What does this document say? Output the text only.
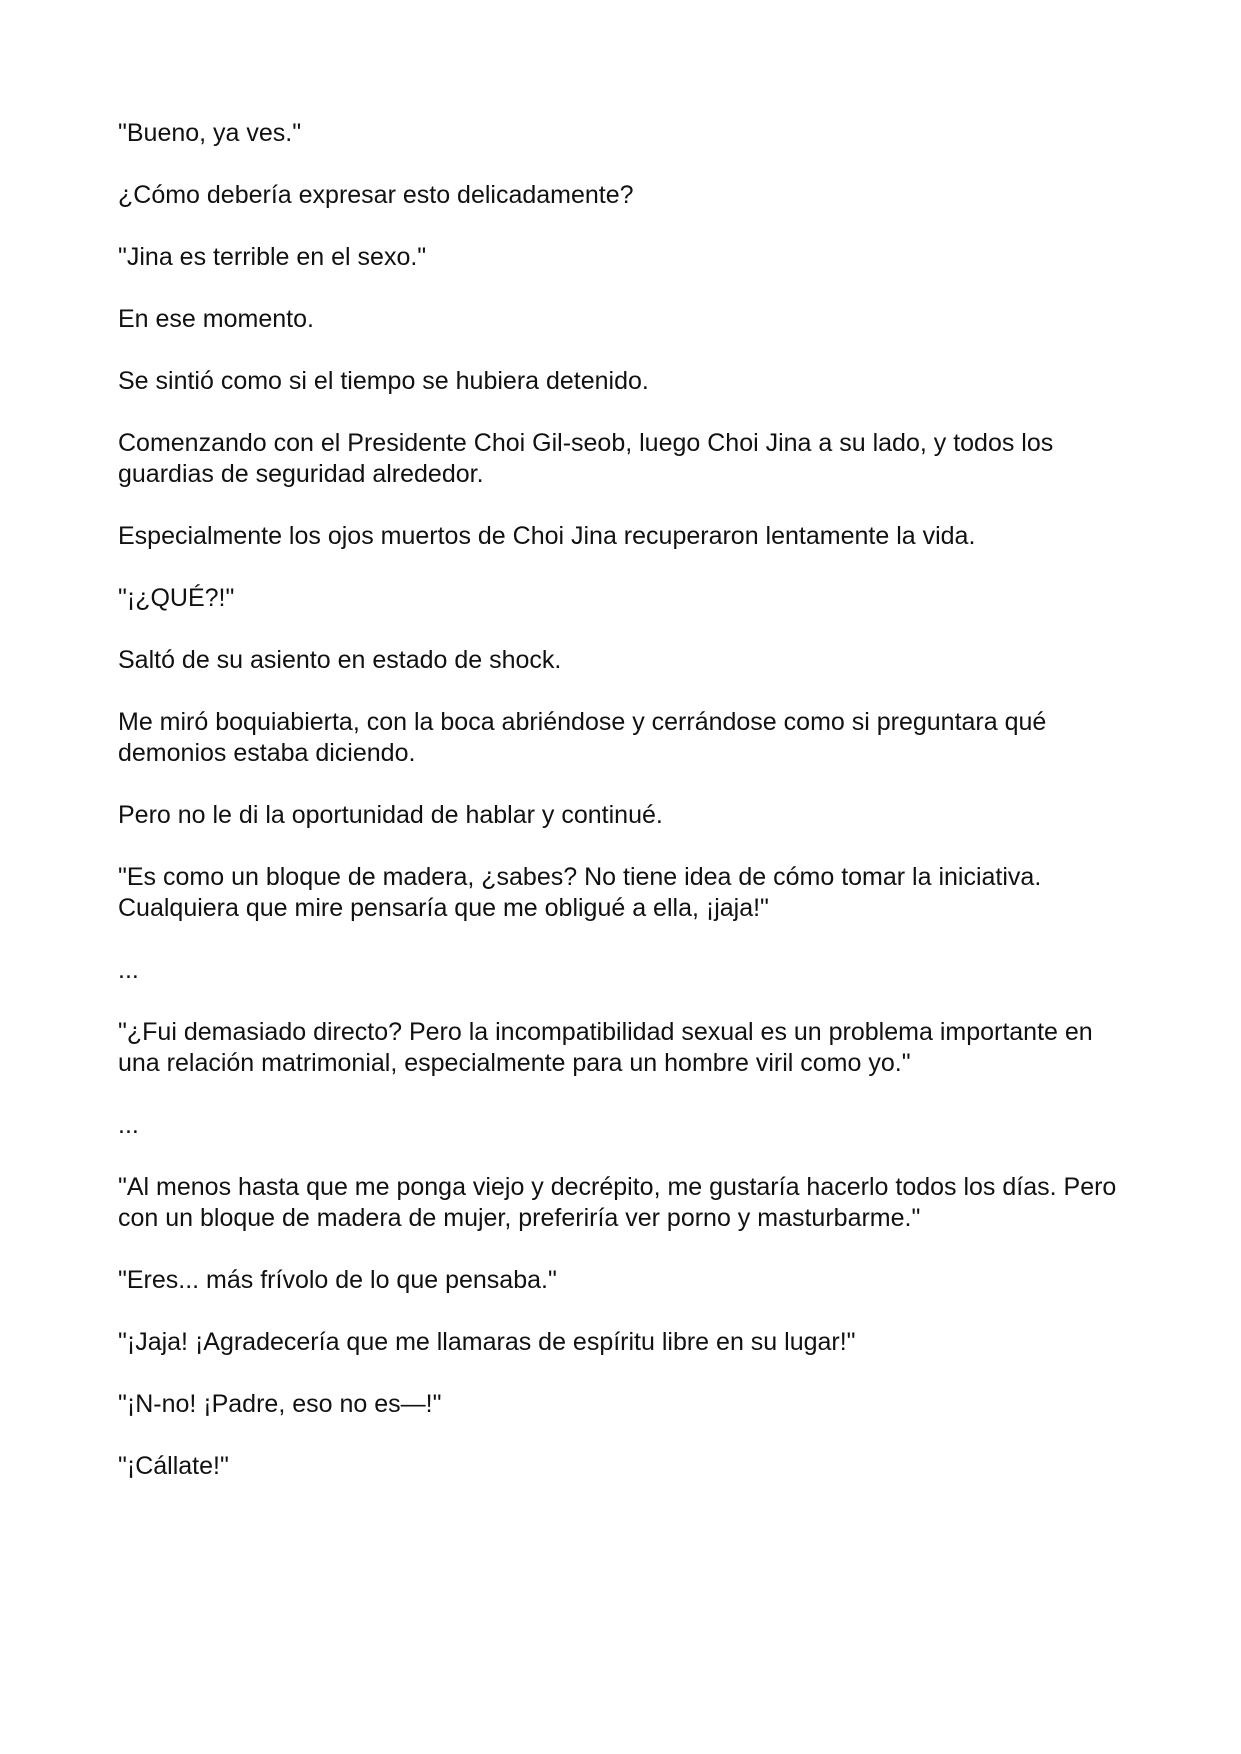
"Bueno, ya ves."

¿Cómo debería expresar esto delicadamente?

"Jina es terrible en el sexo."

En ese momento.

Se sintió como si el tiempo se hubiera detenido.

Comenzando con el Presidente Choi Gil-seob, luego Choi Jina a su lado, y todos los guardias de seguridad alrededor.

Especialmente los ojos muertos de Choi Jina recuperaron lentamente la vida.

"¡¿QUÉ?!"

Saltó de su asiento en estado de shock.

Me miró boquiabierta, con la boca abriéndose y cerrándose como si preguntara qué demonios estaba diciendo.

Pero no le di la oportunidad de hablar y continué.

"Es como un bloque de madera, ¿sabes? No tiene idea de cómo tomar la iniciativa. Cualquiera que mire pensaría que me obligué a ella, ¡jaja!"

...

"¿Fui demasiado directo? Pero la incompatibilidad sexual es un problema importante en una relación matrimonial, especialmente para un hombre viril como yo."

...

"Al menos hasta que me ponga viejo y decrépito, me gustaría hacerlo todos los días. Pero con un bloque de madera de mujer, preferiría ver porno y masturbarme."

"Eres... más frívolo de lo que pensaba."

"¡Jaja! ¡Agradecería que me llamaras de espíritu libre en su lugar!"

"¡N-no! ¡Padre, eso no es—!"

"¡Cállate!"
